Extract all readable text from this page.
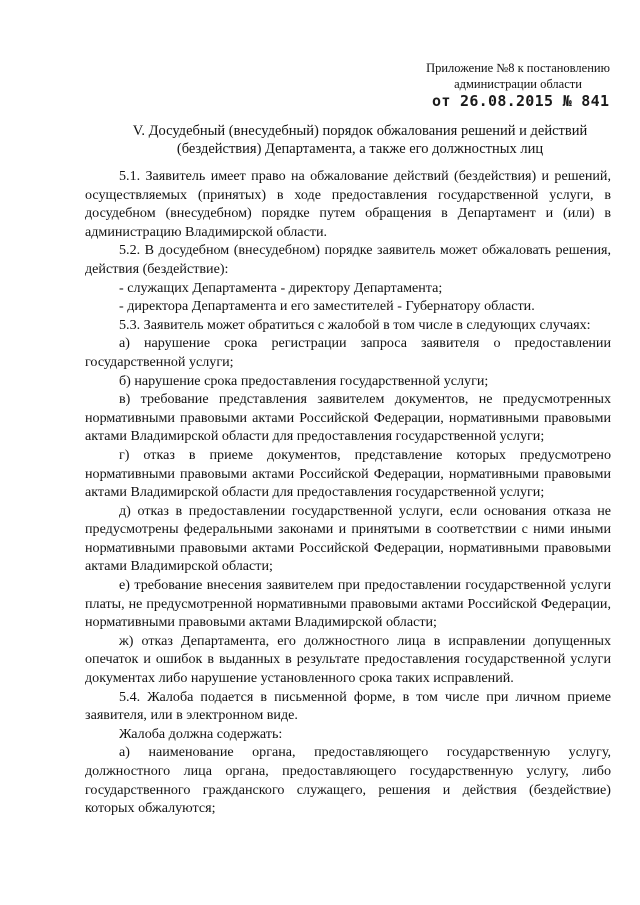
Приложение №8 к постановлению
администрации области
от 26.08.2015 № 841
V. Досудебный (внесудебный) порядок обжалования решений и действий
(бездействия) Департамента, а также его должностных лиц

5.1. Заявитель имеет право на обжалование действий (бездействия) и решений, осуществляемых (принятых) в ходе предоставления государственной услуги, в досудебном (внесудебном) порядке путем обращения в Департамент и (или) в администрацию Владимирской области.

5.2. В досудебном (внесудебном) порядке заявитель может обжаловать решения, действия (бездействие):

- служащих Департамента - директору Департамента;

- директора Департамента и его заместителей - Губернатору области.

5.3. Заявитель может обратиться с жалобой в том числе в следующих случаях:

а) нарушение срока регистрации запроса заявителя о предоставлении государственной услуги;

б) нарушение срока предоставления государственной услуги;

в) требование представления заявителем документов, не предусмотренных нормативными правовыми актами Российской Федерации, нормативными правовыми актами Владимирской области для предоставления государственной услуги;

г) отказ в приеме документов, представление которых предусмотрено нормативными правовыми актами Российской Федерации, нормативными правовыми актами Владимирской области для предоставления государственной услуги;

д) отказ в предоставлении государственной услуги, если основания отказа не предусмотрены федеральными законами и принятыми в соответствии с ними иными нормативными правовыми актами Российской Федерации, нормативными правовыми актами Владимирской области;

е) требование внесения заявителем при предоставлении государственной услуги платы, не предусмотренной нормативными правовыми актами Российской Федерации, нормативными правовыми актами Владимирской области;

ж) отказ Департамента, его должностного лица в исправлении допущенных опечаток и ошибок в выданных в результате предоставления государственной услуги документах либо нарушение установленного срока таких исправлений.

5.4. Жалоба подается в письменной форме, в том числе при личном приеме заявителя, или в электронном виде.

Жалоба должна содержать:

а) наименование органа, предоставляющего государственную услугу, должностного лица органа, предоставляющего государственную услугу, либо государственного гражданского служащего, решения и действия (бездействие) которых обжалуются;
